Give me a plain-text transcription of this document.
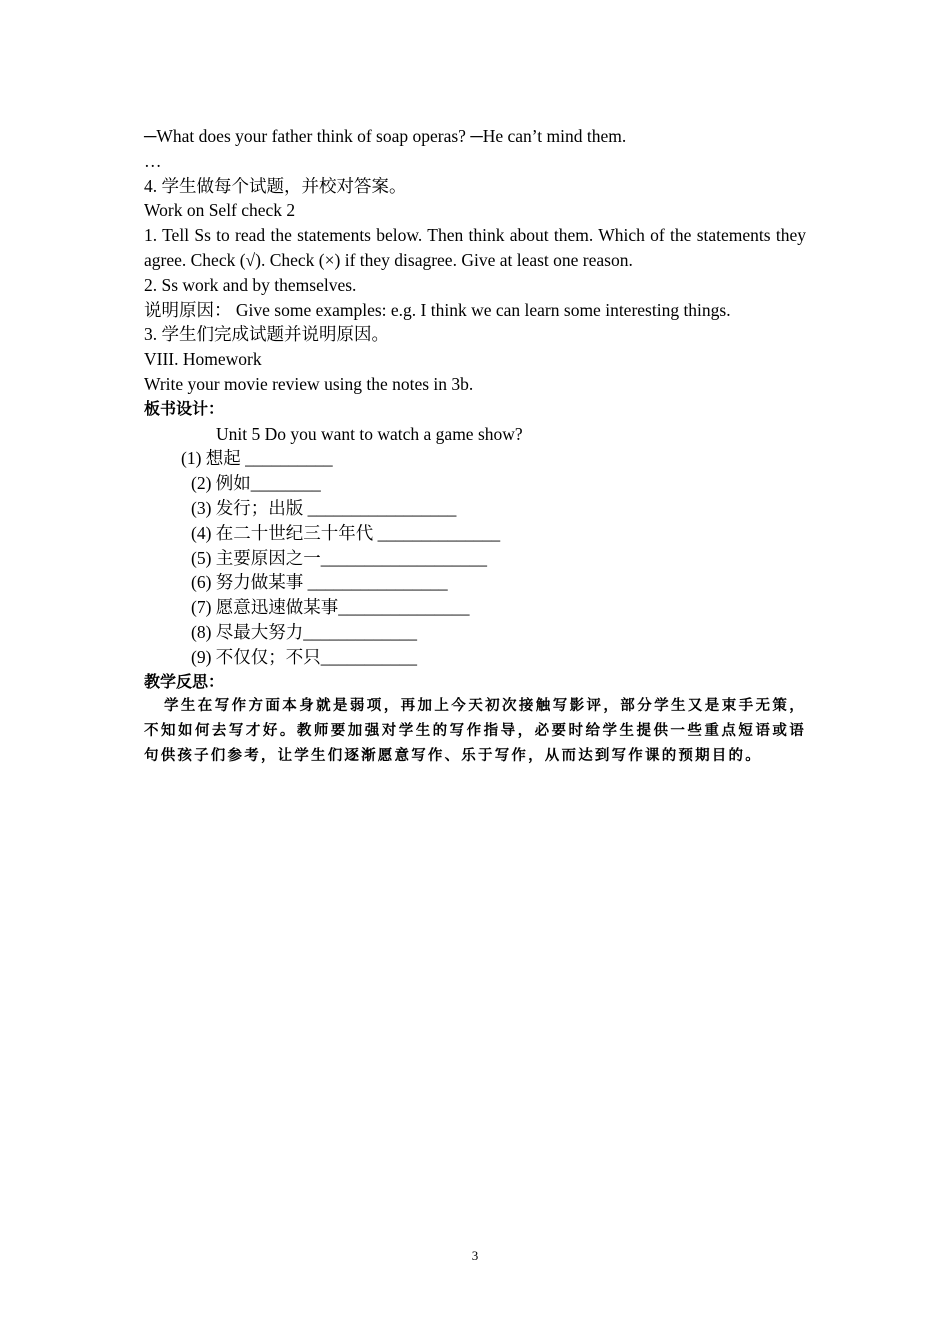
─What does your father think of soap operas? ─He can’t mind them.
…
4. 学生做每个试题，并校对答案。
Work on Self check 2
1. Tell Ss to read the statements below. Then think about them. Which of the statements they agree. Check (√). Check (×) if they disagree. Give at least one reason.
2. Ss work and by themselves.
说明原因： Give some examples: e.g. I think we can learn some interesting things.
3. 学生们完成试题并说明原因。
VIII. Homework
Write your movie review using the notes in 3b.
板书设计：
Unit 5 Do you want to watch a game show?
(1) 想起 __________
(2) 例如________
(3) 发行；出版 _________________
(4) 在二十世纪三十年代 ______________
(5) 主要原因之一___________________
(6) 努力做某事 ________________
(7) 愿意迅速做某事_______________
(8) 尽最大努力_____________
(9) 不仅仅；不只___________
教学反思：
学生在写作方面本身就是弱项，再加上今天初次接触写影评，部分学生又是束手无策，不知如何去写才好。教师要加强对学生的写作指导，必要时给学生提供一些重点短语或语句供孩子们参考，让学生们逐渐愿意写作、乐于写作，从而达到写作课的预期目的。
3
